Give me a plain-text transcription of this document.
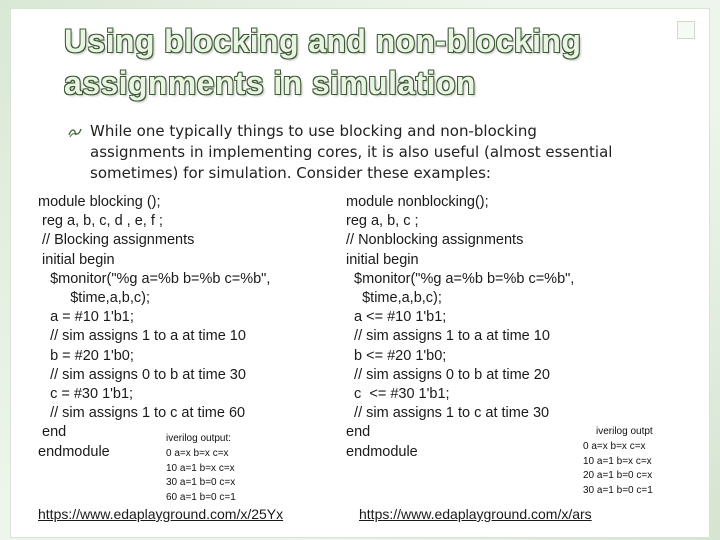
Using blocking and non-blocking
assignments in simulation
While one typically things to use blocking and non-blocking
assignments in implementing cores, it is also useful (almost essential
sometimes) for simulation. Consider these examples:
module blocking ();
reg a, b, c, d , e, f ;
// Blocking assignments
initial begin
$monitor("%g a=%b b=%b c=%b",
$time,a,b,c);
a = #10 1'b1;
// sim assigns 1 to a at time 10
b = #20 1'b0;
// sim assigns 0 to b at time 30
c = #30 1'b1;
// sim assigns 1 to c at time 60
end
endmodule
iverilog output:
0 a=x b=x c=x
10 a=1 b=x c=x
30 a=1 b=0 c=x
60 a=1 b=0 c=1
https://www.edaplayground.com/x/25Yx
module nonblocking();
reg a, b, c ;
// Nonblocking assignments
initial begin
$monitor("%g a=%b b=%b c=%b",
$time,a,b,c);
a <= #10 1'b1;
// sim assigns 1 to a at time 10
b <= #20 1'b0;
// sim assigns 0 to b at time 20
c  <= #30 1'b1;
// sim assigns 1 to c at time 30
end
endmodule
iverilog outpt
0 a=x b=x c=x
10 a=1 b=x c=x
20 a=1 b=0 c=x
30 a=1 b=0 c=1
https://www.edaplayground.com/x/ars
